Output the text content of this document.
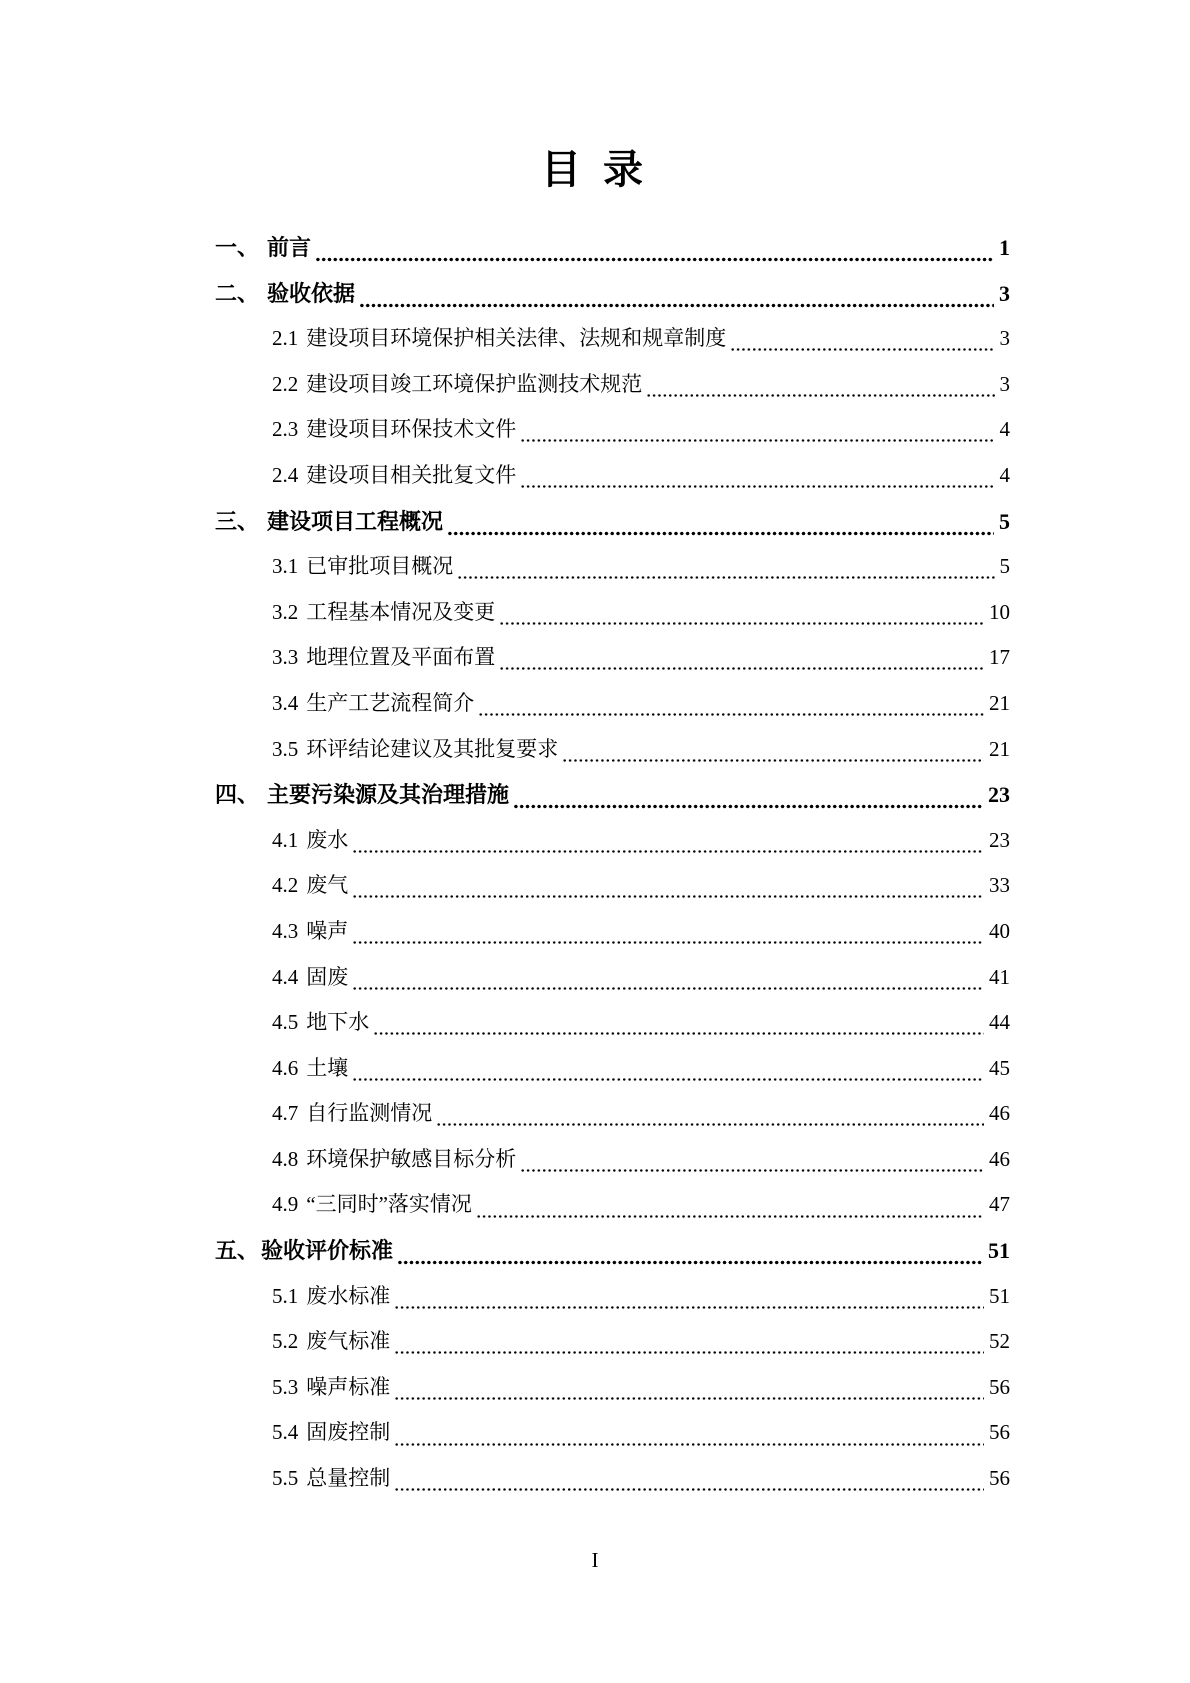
目 录
一、 前言	1
二、 验收依据	3
2.1 建设项目环境保护相关法律、法规和规章制度	3
2.2 建设项目竣工环境保护监测技术规范	3
2.3 建设项目环保技术文件	4
2.4 建设项目相关批复文件	4
三、 建设项目工程概况	5
3.1 已审批项目概况	5
3.2 工程基本情况及变更	10
3.3 地理位置及平面布置	17
3.4 生产工艺流程简介	21
3.5 环评结论建议及其批复要求	21
四、 主要污染源及其治理措施	23
4.1 废水	23
4.2 废气	33
4.3 噪声	40
4.4 固废	41
4.5 地下水	44
4.6 土壤	45
4.7 自行监测情况	46
4.8 环境保护敏感目标分析	46
4.9 “三同时”落实情况	47
五、 验收评价标准	51
5.1 废水标准	51
5.2 废气标准	52
5.3 噪声标准	56
5.4 固废控制	56
5.5 总量控制	56
I
